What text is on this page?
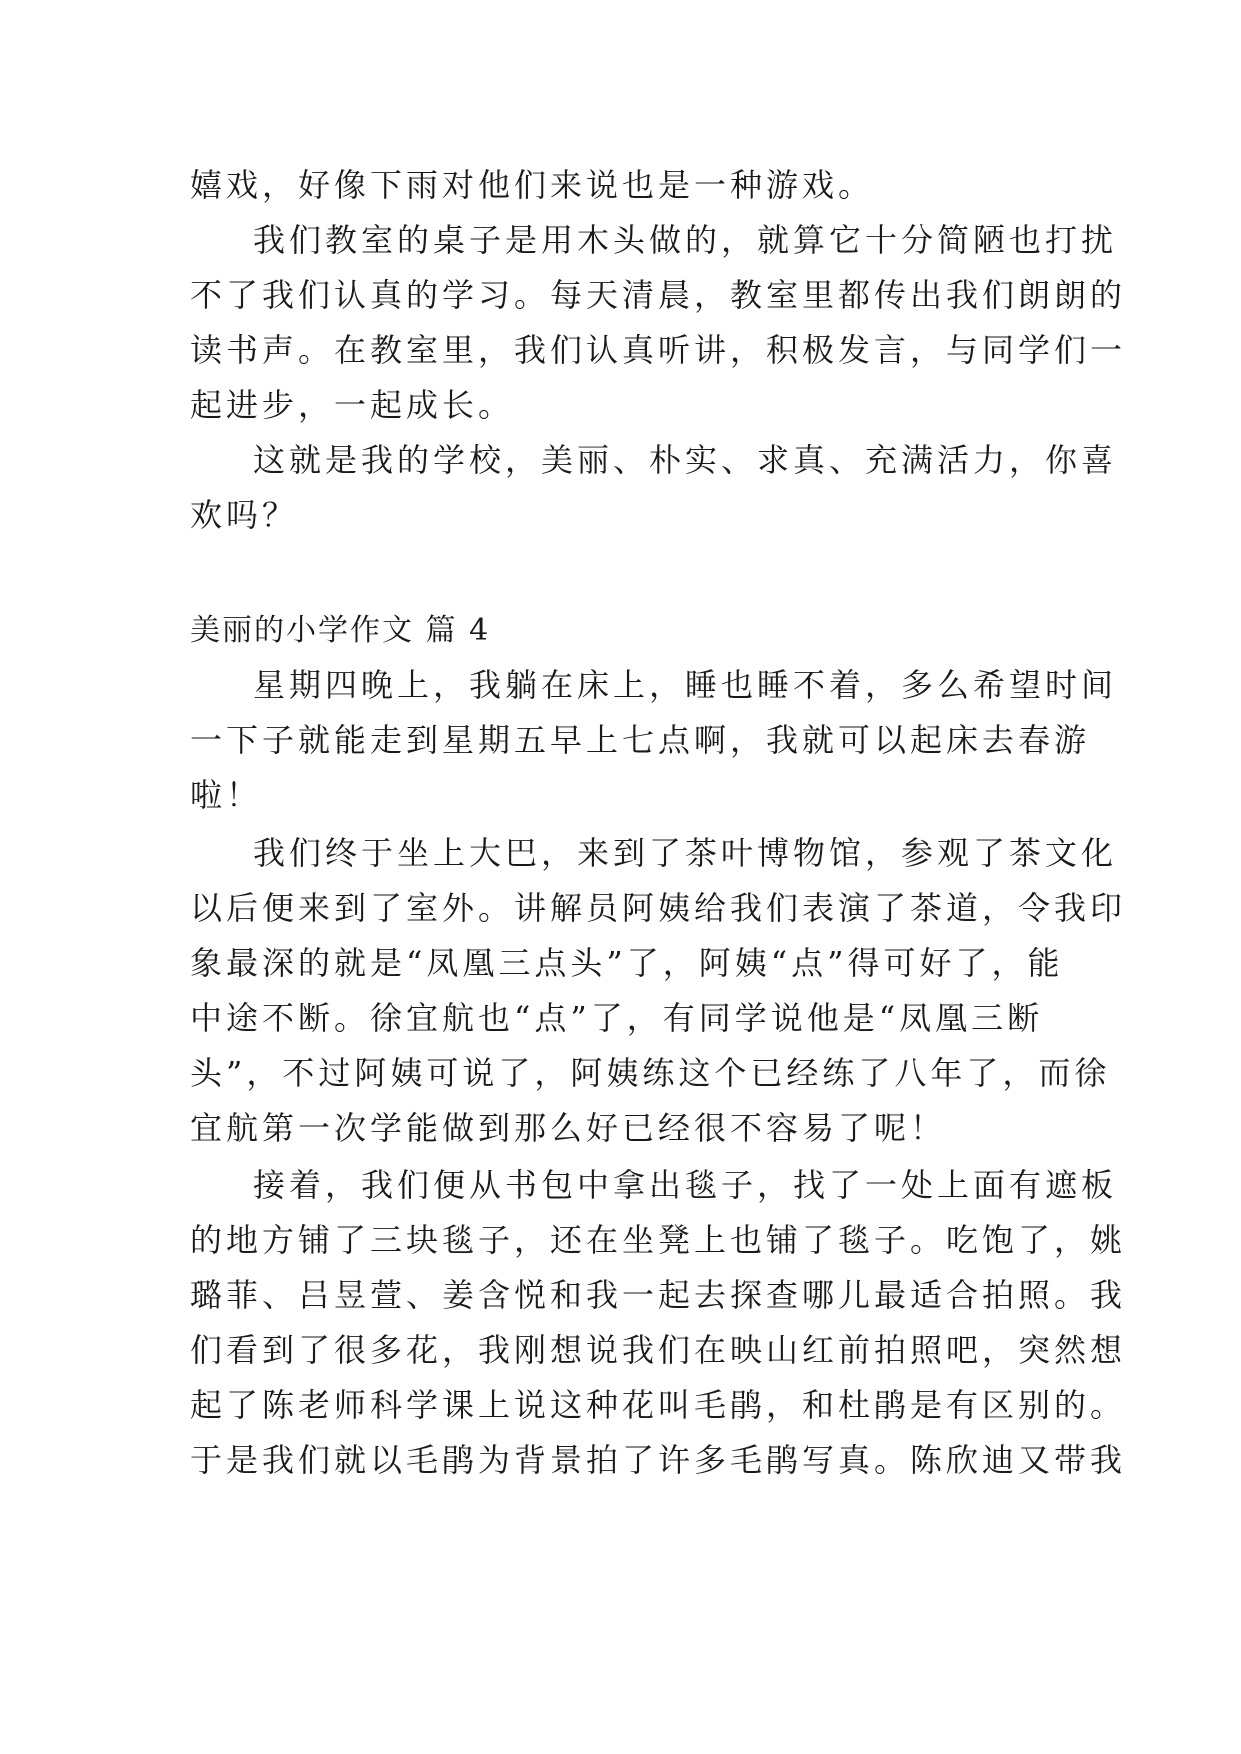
嬉戏，好像下雨对他们来说也是一种游戏。
我们教室的桌子是用木头做的，就算它十分简陋也打扰
不了我们认真的学习。每天清晨，教室里都传出我们朗朗的
读书声。在教室里，我们认真听讲，积极发言，与同学们一
起进步，一起成长。
这就是我的学校，美丽、朴实、求真、充满活力，你喜
欢吗？
美丽的小学作文 篇 4
星期四晚上，我躺在床上，睡也睡不着，多么希望时间
一下子就能走到星期五早上七点啊，我就可以起床去春游
啦！
我们终于坐上大巴，来到了茶叶博物馆，参观了茶文化
以后便来到了室外。讲解员阿姨给我们表演了茶道，令我印
象最深的就是“凤凰三点头”了，阿姨“点”得可好了，能
中途不断。徐宜航也“点”了，有同学说他是“凤凰三断
头”，不过阿姨可说了，阿姨练这个已经练了八年了，而徐
宜航第一次学能做到那么好已经很不容易了呢！
接着，我们便从书包中拿出毯子，找了一处上面有遮板
的地方铺了三块毯子，还在坐凳上也铺了毯子。吃饱了，姚
璐菲、吕昱萱、姜含悦和我一起去探查哪儿最适合拍照。我
们看到了很多花，我刚想说我们在映山红前拍照吧，突然想
起了陈老师科学课上说这种花叫毛鹃，和杜鹃是有区别的。
于是我们就以毛鹃为背景拍了许多毛鹃写真。陈欣迪又带我
